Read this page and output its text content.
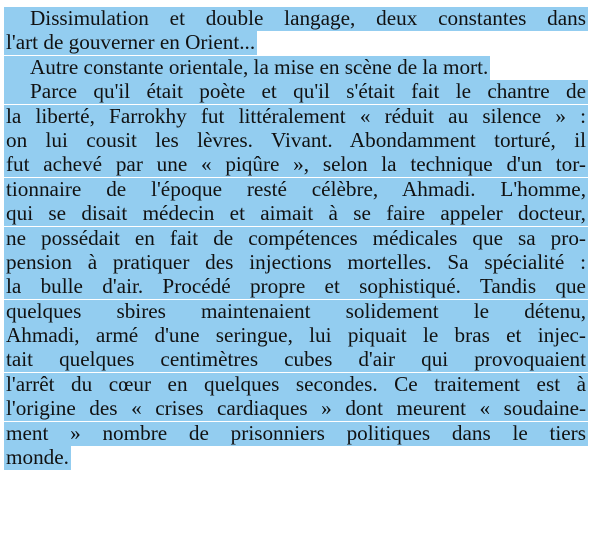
Dissimulation et double langage, deux constantes dans
l'art de gouverner en Orient...
Autre constante orientale, la mise en scène de la mort.
Parce qu'il était poète et qu'il s'était fait le chantre de
la liberté, Farrokhy fut littéralement « réduit au silence » :
on lui cousit les lèvres. Vivant. Abondamment torturé, il
fut achevé par une « piqûre », selon la technique d'un tor-
tionnaire de l'époque resté célèbre, Ahmadi. L'homme,
qui se disait médecin et aimait à se faire appeler docteur,
ne possédait en fait de compétences médicales que sa pro-
pension à pratiquer des injections mortelles. Sa spécialité :
la bulle d'air. Procédé propre et sophistiqué. Tandis que
quelques sbires maintenaient solidement le détenu,
Ahmadi, armé d'une seringue, lui piquait le bras et injec-
tait quelques centimètres cubes d'air qui provoquaient
l'arrêt du cœur en quelques secondes. Ce traitement est à
l'origine des « crises cardiaques » dont meurent « soudaine-
ment » nombre de prisonniers politiques dans le tiers
monde.
